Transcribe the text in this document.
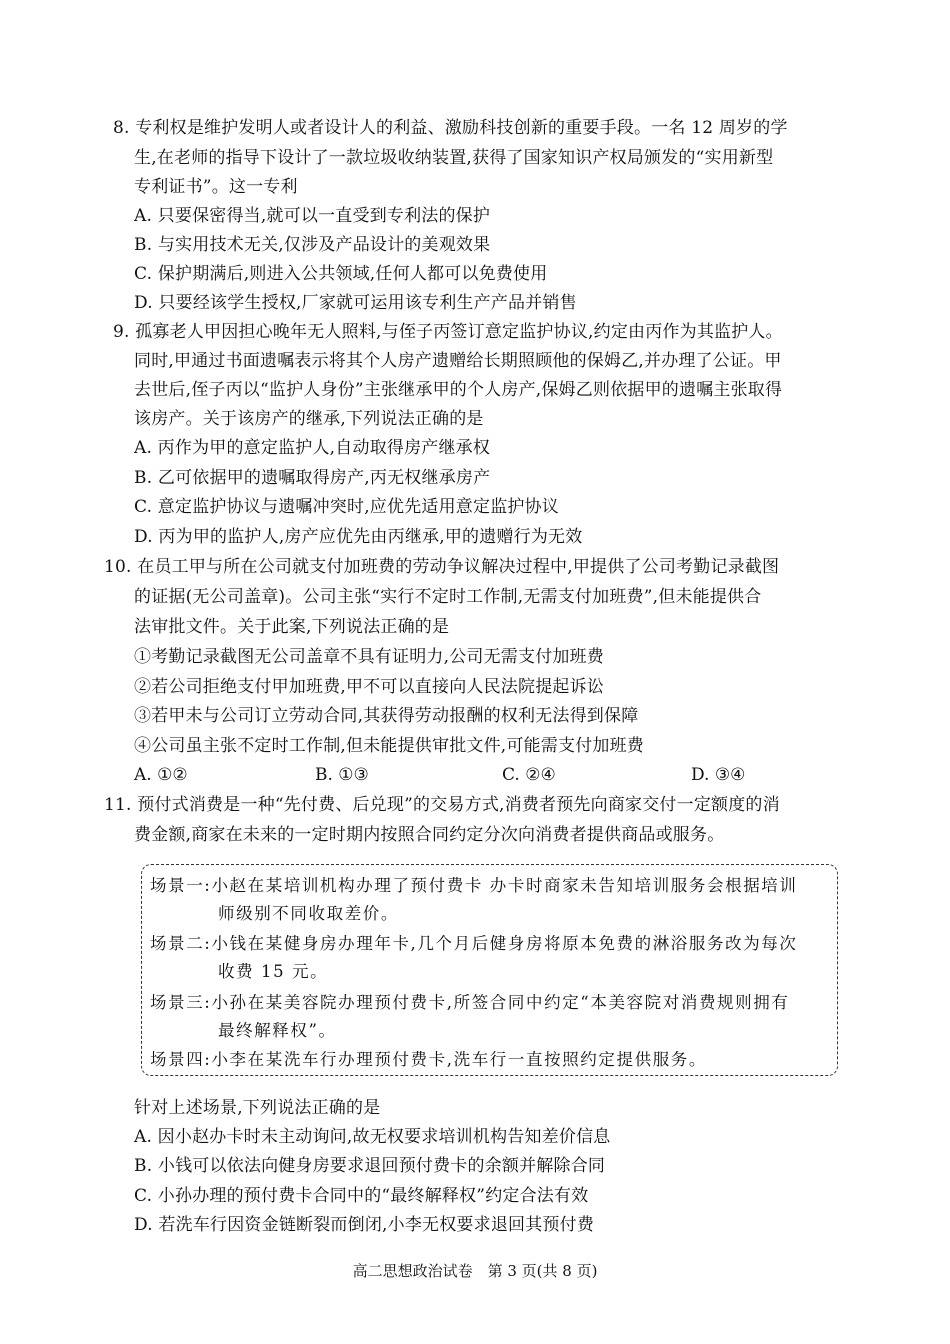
8. 专利权是维护发明人或者设计人的利益、激励科技创新的重要手段。一名 12 周岁的学
生,在老师的指导下设计了一款垃圾收纳装置,获得了国家知识产权局颁发的“实用新型
专利证书”。这一专利
A. 只要保密得当,就可以一直受到专利法的保护
B. 与实用技术无关,仅涉及产品设计的美观效果
C. 保护期满后,则进入公共领域,任何人都可以免费使用
D. 只要经该学生授权,厂家就可运用该专利生产产品并销售
9. 孤寡老人甲因担心晚年无人照料,与侄子丙签订意定监护协议,约定由丙作为其监护人。
同时,甲通过书面遗嘱表示将其个人房产遗赠给长期照顾他的保姆乙,并办理了公证。甲
去世后,侄子丙以“监护人身份”主张继承甲的个人房产,保姆乙则依据甲的遗嘱主张取得
该房产。关于该房产的继承,下列说法正确的是
A. 丙作为甲的意定监护人,自动取得房产继承权
B. 乙可依据甲的遗嘱取得房产,丙无权继承房产
C. 意定监护协议与遗嘱冲突时,应优先适用意定监护协议
D. 丙为甲的监护人,房产应优先由丙继承,甲的遗赠行为无效
10. 在员工甲与所在公司就支付加班费的劳动争议解决过程中,甲提供了公司考勤记录截图
的证据(无公司盖章)。公司主张“实行不定时工作制,无需支付加班费”,但未能提供合
法审批文件。关于此案,下列说法正确的是
①考勤记录截图无公司盖章不具有证明力,公司无需支付加班费
②若公司拒绝支付甲加班费,甲不可以直接向人民法院提起诉讼
③若甲未与公司订立劳动合同,其获得劳动报酬的权利无法得到保障
④公司虽主张不定时工作制,但未能提供审批文件,可能需支付加班费
A. ①②	B. ①③	C. ②④	D. ③④
11. 预付式消费是一种“先付费、后兑现”的交易方式,消费者预先向商家交付一定额度的消
费金额,商家在未来的一定时期内按照合同约定分次向消费者提供商品或服务。
场景一:小赵在某培训机构办理了预付费卡 办卡时商家未告知培训服务会根据培训
师级别不同收取差价。
场景二:小钱在某健身房办理年卡,几个月后健身房将原本免费的淋浴服务改为每次
收费 15 元。
场景三:小孙在某美容院办理预付费卡,所签合同中约定“本美容院对消费规则拥有
最终解释权”。
场景四:小李在某洗车行办理预付费卡,洗车行一直按照约定提供服务。
针对上述场景,下列说法正确的是
A. 因小赵办卡时未主动询问,故无权要求培训机构告知差价信息
B. 小钱可以依法向健身房要求退回预付费卡的余额并解除合同
C. 小孙办理的预付费卡合同中的“最终解释权”约定合法有效
D. 若洗车行因资金链断裂而倒闭,小李无权要求退回其预付费
高二思想政治试卷　第 3 页(共 8 页)
